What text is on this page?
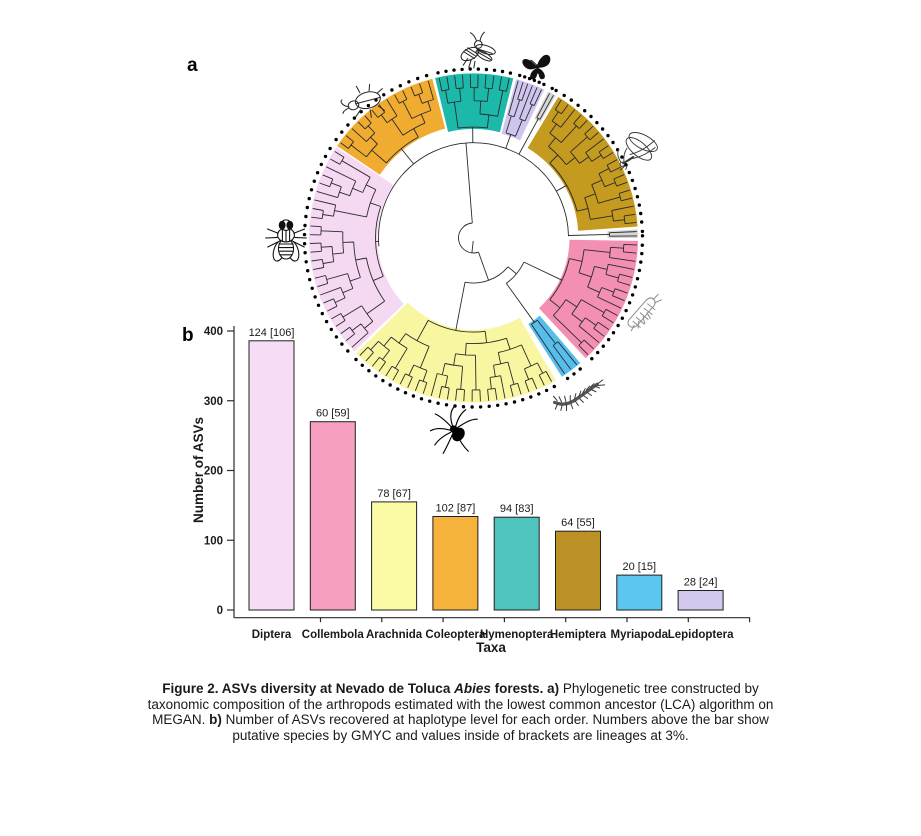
a
b
0
100
200
300
400 124 [106]
Diptera
60 [59]
Collembola
78 [67]
Arachnida
102 [87]
Coleoptera
94 [83]
Hymenoptera
64 [55]
Hemiptera
20 [15]
Myriapoda
28 [24]
Lepidoptera
Taxa
Number of ASVs
Figure 2. ASVs diversity at Nevado de Toluca Abies forests. a) Phylogenetic tree constructed by
taxonomic composition of the arthropods estimated with the lowest common ancestor (LCA) algorithm on
MEGAN. b) Number of ASVs recovered at haplotype level for each order. Numbers above the bar show
putative species by GMYC and values inside of brackets are lineages at 3%.
